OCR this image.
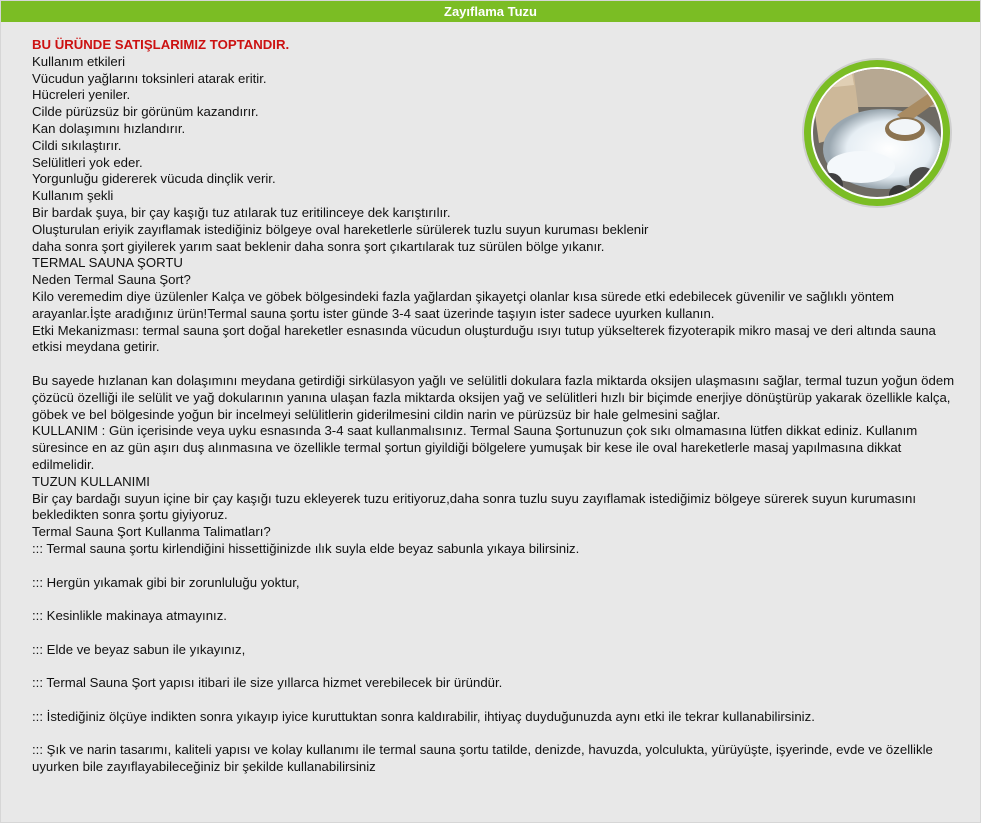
Zayıflama Tuzu
BU ÜRÜNDE SATIŞLARIMIZ TOPTANDIR.
Kullanım etkileri
Vücudun yağlarını toksinleri atarak eritir.
Hücreleri yeniler.
Cilde pürüzsüz bir görünüm kazandırır.
Kan dolaşımını hızlandırır.
Cildi sıkılaştırır.
Selülitleri yok eder.
Yorgunluğu gidererek vücuda dinçlik verir.
Kullanım şekli
Bir bardak şuya, bir çay kaşığı tuz atılarak tuz eritilinceye dek karıştırılır.
Oluşturulan eriyik zayıflamak istediğiniz bölgeye oval hareketlerle sürülerek tuzlu suyun kuruması beklenir
daha sonra şort giyilerek yarım saat beklenir daha sonra şort çıkartılarak tuz sürülen bölge yıkanır.
TERMAL SAUNA ŞORTU
Neden Termal Sauna Şort?
Kilo veremedim diye üzülenler Kalça ve göbek bölgesindeki fazla yağlardan şikayetçi olanlar kısa sürede etki edebilecek güvenilir ve sağlıklı yöntem arayanlar.İşte aradığınız ürün!Termal sauna şortu ister günde 3-4 saat üzerinde taşıyın ister sadece uyurken kullanın.
Etki Mekanizması: termal sauna şort doğal hareketler esnasında vücudun oluşturduğu ısıyı tutup yükselterek fizyoterapik mikro masaj ve deri altında sauna etkisi meydana getirir.
Bu sayede hızlanan kan dolaşımını meydana getirdiği sirkülasyon yağlı ve selülitli dokulara fazla miktarda oksijen ulaşmasını sağlar, termal tuzun yoğun ödem çözücü özelliği ile selülit ve yağ dokularının yanına ulaşan fazla miktarda oksijen yağ ve selülitleri hızlı bir biçimde enerjiye dönüştürüp yakarak özellikle kalça, göbek ve bel bölgesinde yoğun bir incelmeyi selülitlerin giderilmesini cildin narin ve pürüzsüz bir hale gelmesini sağlar.
KULLANIM : Gün içerisinde veya uyku esnasında 3-4 saat kullanmalısınız. Termal Sauna Şortunuzun çok sıkı olmamasına lütfen dikkat ediniz. Kullanım süresince en az gün aşırı duş alınmasına ve özellikle termal şortun giyildiği bölgelere yumuşak bir kese ile oval hareketlerle masaj yapılmasına dikkat edilmelidir.
TUZUN KULLANIMI
Bir çay bardağı suyun içine bir çay kaşığı tuzu ekleyerek tuzu eritiyoruz,daha sonra tuzlu suyu zayıflamak istediğimiz bölgeye sürerek suyun kurumasını bekledikten sonra şortu giyiyoruz.
Termal Sauna Şort Kullanma Talimatları?
::: Termal sauna şortu kirlendiğini hissettiğinizde ılık suyla elde beyaz sabunla yıkaya bilirsiniz.
::: Hergün yıkamak gibi bir zorunluluğu yoktur,
::: Kesinlikle makinaya atmayınız.
::: Elde ve beyaz sabun ile yıkayınız,
::: Termal Sauna Şort yapısı itibari ile size yıllarca hizmet verebilecek bir üründür.
::: İstediğiniz ölçüye indikten sonra yıkayıp iyice kuruttuktan sonra kaldırabilir, ihtiyaç duyduğunuzda aynı etki ile tekrar kullanabilirsiniz.
::: Şık ve narin tasarımı, kaliteli yapısı ve kolay kullanımı ile termal sauna şortu tatilde, denizde, havuzda, yolculukta, yürüyüşte, işyerinde, evde ve özellikle uyurken bile zayıflayabileceğiniz bir şekilde kullanabilirsiniz
